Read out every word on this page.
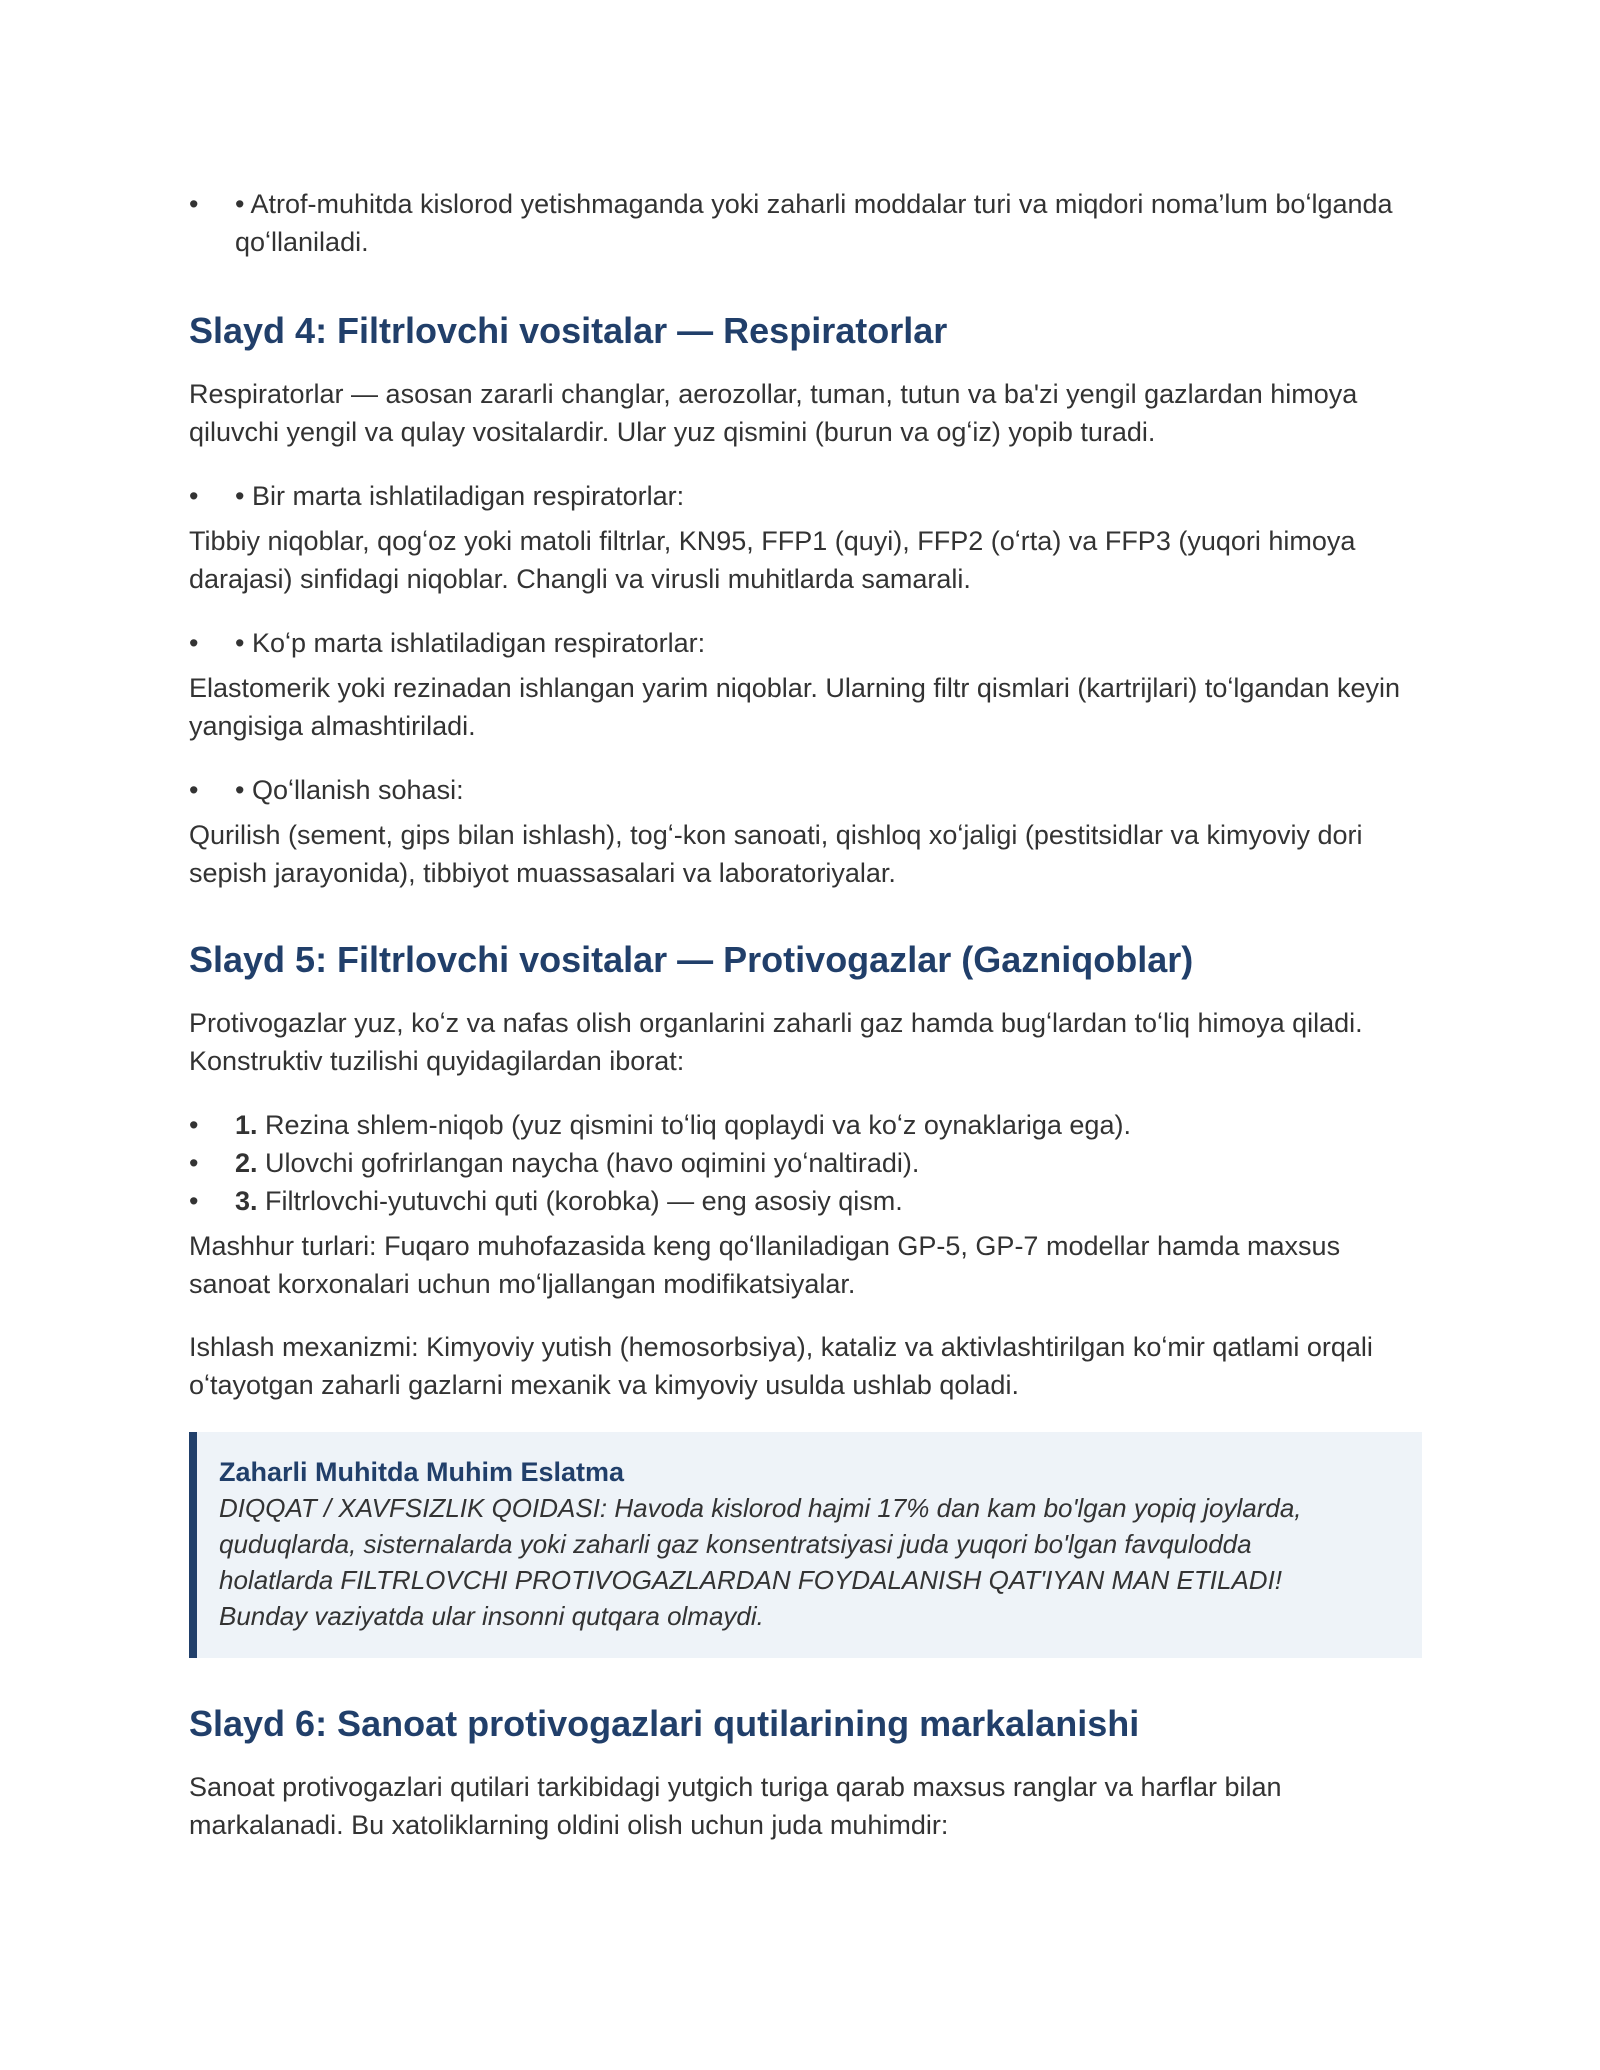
• • Atrof-muhitda kislorod yetishmaganda yoki zaharli moddalar turi va miqdori noma’lum boʻlganda qoʻllaniladi.
Slayd 4: Filtrlovchi vositalar — Respiratorlar

Respiratorlar — asosan zararli changlar, aerozollar, tuman, tutun va ba'zi yengil gazlardan himoya qiluvchi yengil va qulay vositalardir. Ular yuz qismini (burun va ogʻiz) yopib turadi.

• • Bir marta ishlatiladigan respiratorlar:

Tibbiy niqoblar, qogʻoz yoki matoli filtrlar, KN95, FFP1 (quyi), FFP2 (oʻrta) va FFP3 (yuqori himoya darajasi) sinfidagi niqoblar. Changli va virusli muhitlarda samarali.

• • Koʻp marta ishlatiladigan respiratorlar:

Elastomerik yoki rezinadan ishlangan yarim niqoblar. Ularning filtr qismlari (kartrijlari) toʻlgandan keyin yangisiga almashtiriladi.

• • Qoʻllanish sohasi:

Qurilish (sement, gips bilan ishlash), togʻ-kon sanoati, qishloq xoʻjaligi (pestitsidlar va kimyoviy dori sepish jarayonida), tibbiyot muassasalari va laboratoriyalar.

Slayd 5: Filtrlovchi vositalar — Protivogazlar (Gazniqoblar)

Protivogazlar yuz, koʻz va nafas olish organlarini zaharli gaz hamda bugʻlardan toʻliq himoya qiladi. Konstruktiv tuzilishi quyidagilardan iborat:

• 1. Rezina shlem-niqob (yuz qismini toʻliq qoplaydi va koʻz oynaklariga ega).
• 2. Ulovchi gofrirlangan naycha (havo oqimini yoʻnaltiradi).
• 3. Filtrlovchi-yutuvchi quti (korobka) — eng asosiy qism.

Mashhur turlari: Fuqaro muhofazasida keng qoʻllaniladigan GP-5, GP-7 modellar hamda maxsus sanoat korxonalari uchun moʻljallangan modifikatsiyalar.

Ishlash mexanizmi: Kimyoviy yutish (hemosorbsiya), kataliz va aktivlashtirilgan koʻmir qatlami orqali oʻtayotgan zaharli gazlarni mexanik va kimyoviy usulda ushlab qoladi.

Zaharli Muhitda Muhim Eslatma
DIQQAT / XAVFSIZLIK QOIDASI: Havoda kislorod hajmi 17% dan kam bo'lgan yopiq joylarda, quduqlarda, sisternalarda yoki zaharli gaz konsentratsiyasi juda yuqori bo'lgan favqulodda holatlarda FILTRLOVCHI PROTIVOGAZLARDAN FOYDALANISH QAT'IYAN MAN ETILADI! Bunday vaziyatda ular insonni qutqara olmaydi.
Slayd 6: Sanoat protivogazlari qutilarining markalanishi

Sanoat protivogazlari qutilari tarkibidagi yutgich turiga qarab maxsus ranglar va harflar bilan markalanadi. Bu xatoliklarning oldini olish uchun juda muhimdir:
